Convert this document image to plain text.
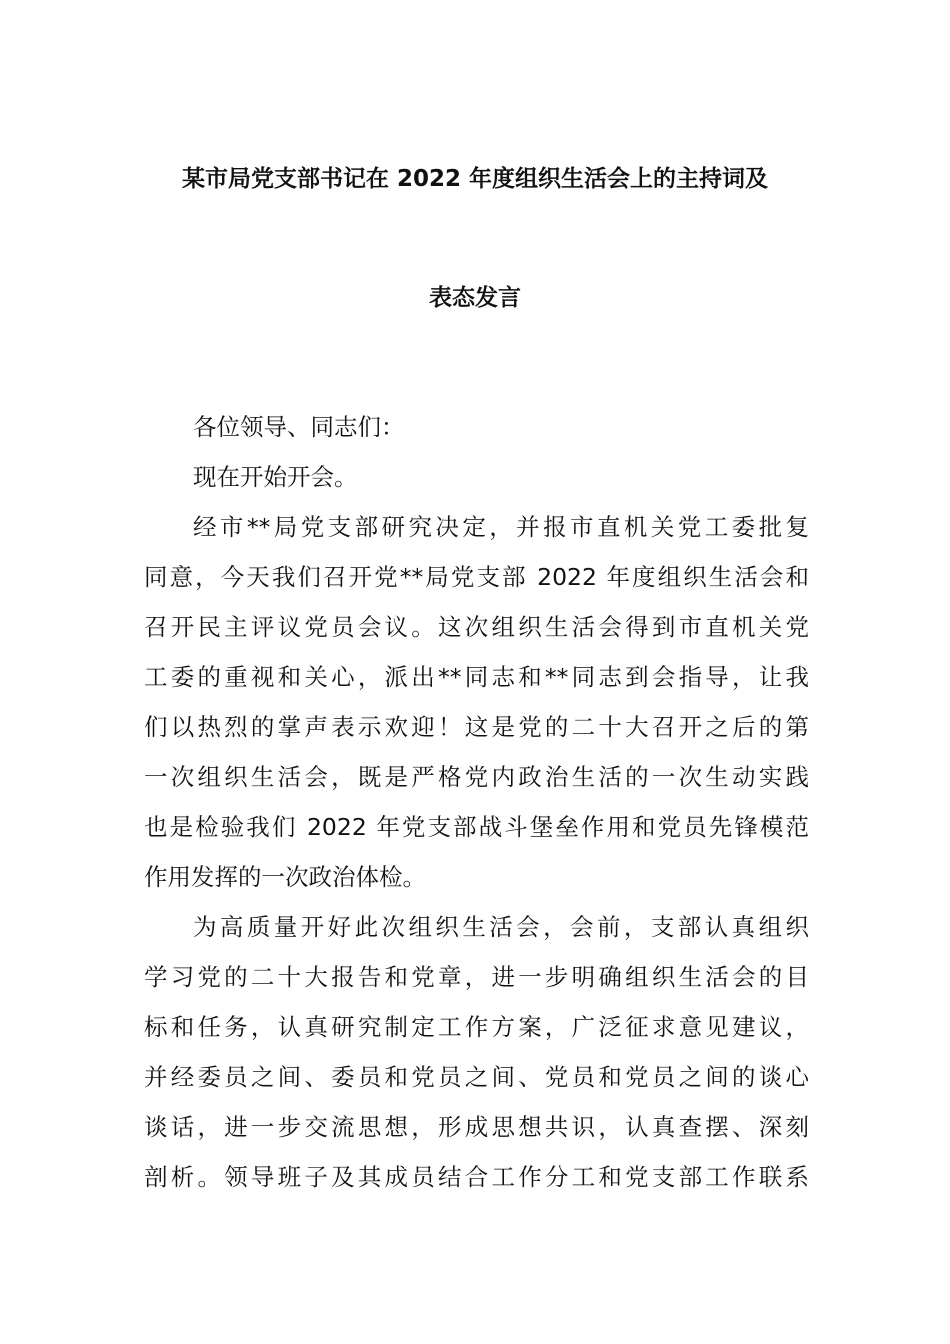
某市局党支部书记在 2022 年度组织生活会上的主持词及
表态发言
各位领导、同志们：
现在开始开会。
经市**局党支部研究决定，并报市直机关党工委批复
同意，今天我们召开党**局党支部 2022 年度组织生活会和
召开民主评议党员会议。这次组织生活会得到市直机关党
工委的重视和关心，派出**同志和**同志到会指导，让我
们以热烈的掌声表示欢迎！这是党的二十大召开之后的第
一次组织生活会，既是严格党内政治生活的一次生动实践
也是检验我们 2022 年党支部战斗堡垒作用和党员先锋模范
作用发挥的一次政治体检。
为高质量开好此次组织生活会，会前，支部认真组织
学习党的二十大报告和党章，进一步明确组织生活会的目
标和任务，认真研究制定工作方案，广泛征求意见建议，
并经委员之间、委员和党员之间、党员和党员之间的谈心
谈话，进一步交流思想，形成思想共识，认真查摆、深刻
剖析。领导班子及其成员结合工作分工和党支部工作联系
